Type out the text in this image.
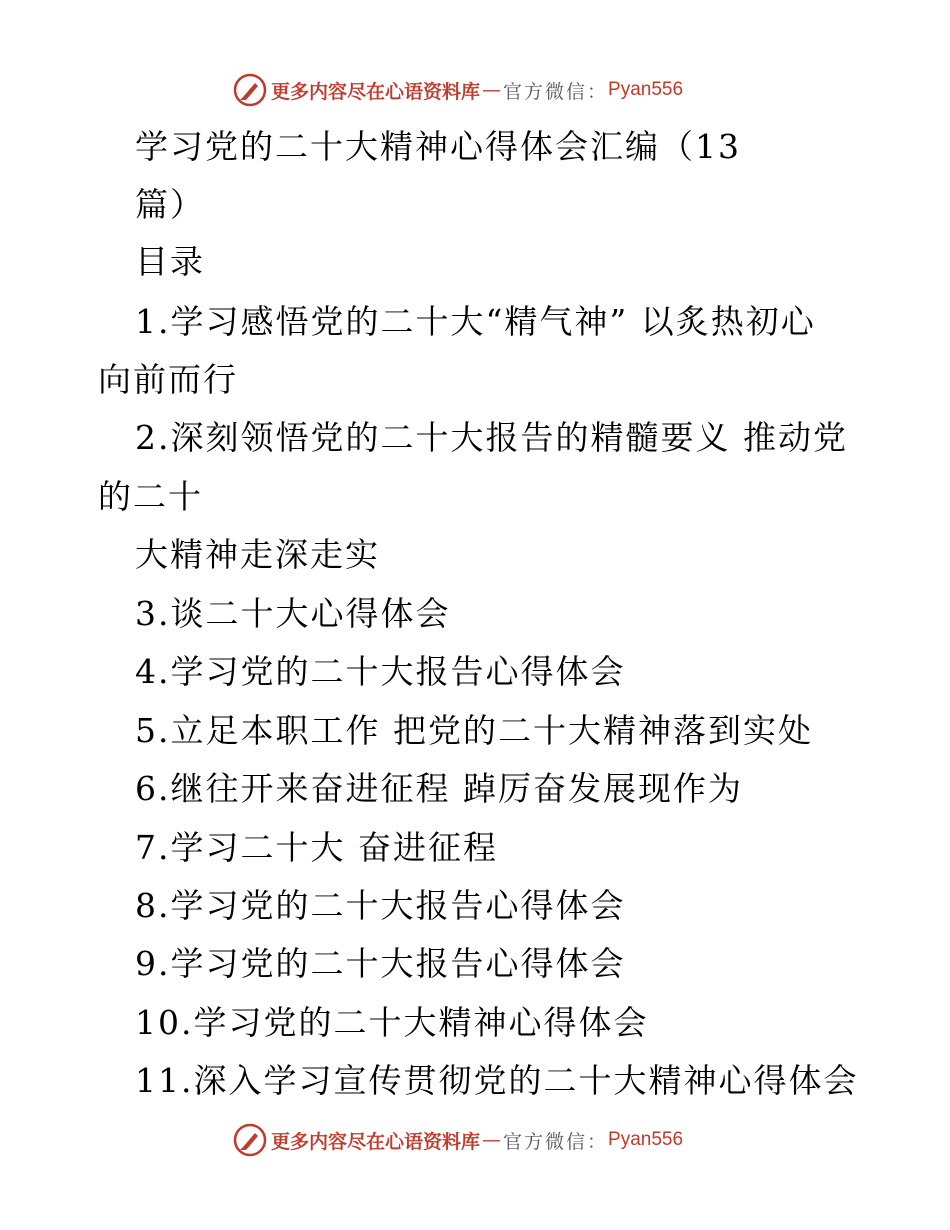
更多内容尽在心语资料库 — 官方微信： Pyan556
学习党的二十大精神心得体会汇编（13
篇）
目录
1.学习感悟党的二十大“精气神” 以炙热初心
向前而行
2.深刻领悟党的二十大报告的精髓要义 推动党
的二十
大精神走深走实
3.谈二十大心得体会
4.学习党的二十大报告心得体会
5.立足本职工作 把党的二十大精神落到实处
6.继往开来奋进征程 踔厉奋发展现作为
7.学习二十大 奋进征程
8.学习党的二十大报告心得体会
9.学习党的二十大报告心得体会
10.学习党的二十大精神心得体会
11.深入学习宣传贯彻党的二十大精神心得体会
更多内容尽在心语资料库 — 官方微信： Pyan556
